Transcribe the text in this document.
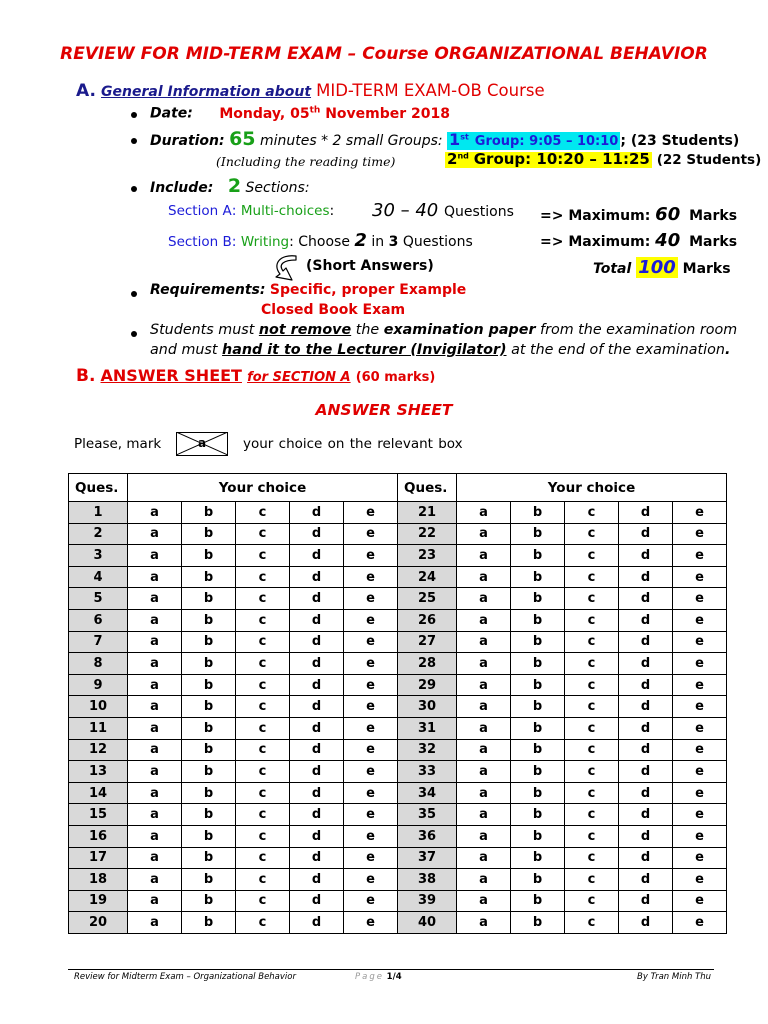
REVIEW FOR MID-TERM EXAM – Course ORGANIZATIONAL BEHAVIOR
A. General Information about MID-TERM EXAM-OB Course
Date: Monday, 05th November 2018
Duration: 65 minutes * 2 small Groups: 1st Group: 9:05 – 10:10 ; (23 Students)
(Including the reading time)	2nd Group: 10:20 – 11:25 (22 Students)
Include: 2 Sections:
Section A: Multi-choices: 30 – 40 Questions => Maximum: 60 Marks
Section B: Writing: Choose 2 in 3 Questions	=> Maximum: 40 Marks
(Short Answers)	Total 100 Marks
Requirements: Specific, proper Example
Closed Book Exam
Students must not remove the examination paper from the examination room
and must hand it to the Lecturer (Invigilator) at the end of the examination.
B. ANSWER SHEET for SECTION A (60 marks)
ANSWER SHEET
Please, mark	a	your choice on the relevant box
Ques.	Your choice					Ques.	Your choice				
1	a	b	c	d	e	21	a	b	c	d	e
2	a	b	c	d	e	22	a	b	c	d	e
3	a	b	c	d	e	23	a	b	c	d	e
4	a	b	c	d	e	24	a	b	c	d	e
5	a	b	c	d	e	25	a	b	c	d	e
6	a	b	c	d	e	26	a	b	c	d	e
7	a	b	c	d	e	27	a	b	c	d	e
8	a	b	c	d	e	28	a	b	c	d	e
9	a	b	c	d	e	29	a	b	c	d	e
10	a	b	c	d	e	30	a	b	c	d	e
11	a	b	c	d	e	31	a	b	c	d	e
12	a	b	c	d	e	32	a	b	c	d	e
13	a	b	c	d	e	33	a	b	c	d	e
14	a	b	c	d	e	34	a	b	c	d	e
15	a	b	c	d	e	35	a	b	c	d	e
16	a	b	c	d	e	36	a	b	c	d	e
17	a	b	c	d	e	37	a	b	c	d	e
18	a	b	c	d	e	38	a	b	c	d	e
19	a	b	c	d	e	39	a	b	c	d	e
20	a	b	c	d	e	40	a	b	c	d	e
Review for Midterm Exam – Organizational Behavior	Page 1/4	By Tran Minh Thu
